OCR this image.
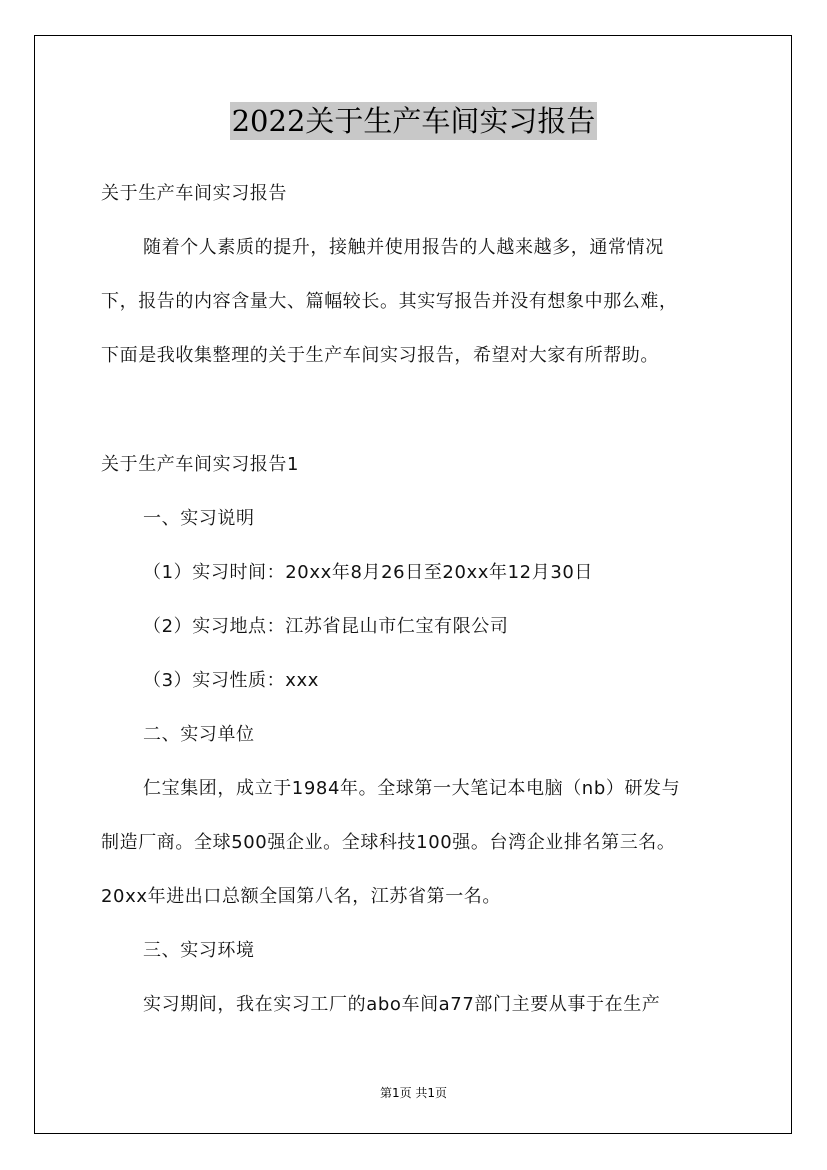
2022关于生产车间实习报告
关于生产车间实习报告
随着个人素质的提升，接触并使用报告的人越来越多，通常情况
下，报告的内容含量大、篇幅较长。其实写报告并没有想象中那么难，
下面是我收集整理的关于生产车间实习报告，希望对大家有所帮助。
关于生产车间实习报告1
一、实习说明
（1）实习时间：20xx年8月26日至20xx年12月30日
（2）实习地点：江苏省昆山市仁宝有限公司
（3）实习性质：xxx
二、实习单位
仁宝集团，成立于1984年。全球第一大笔记本电脑（nb）研发与
制造厂商。全球500强企业。全球科技100强。台湾企业排名第三名。
20xx年进出口总额全国第八名，江苏省第一名。
三、实习环境
实习期间，我在实习工厂的abo车间a77部门主要从事于在生产
第1页 共1页
